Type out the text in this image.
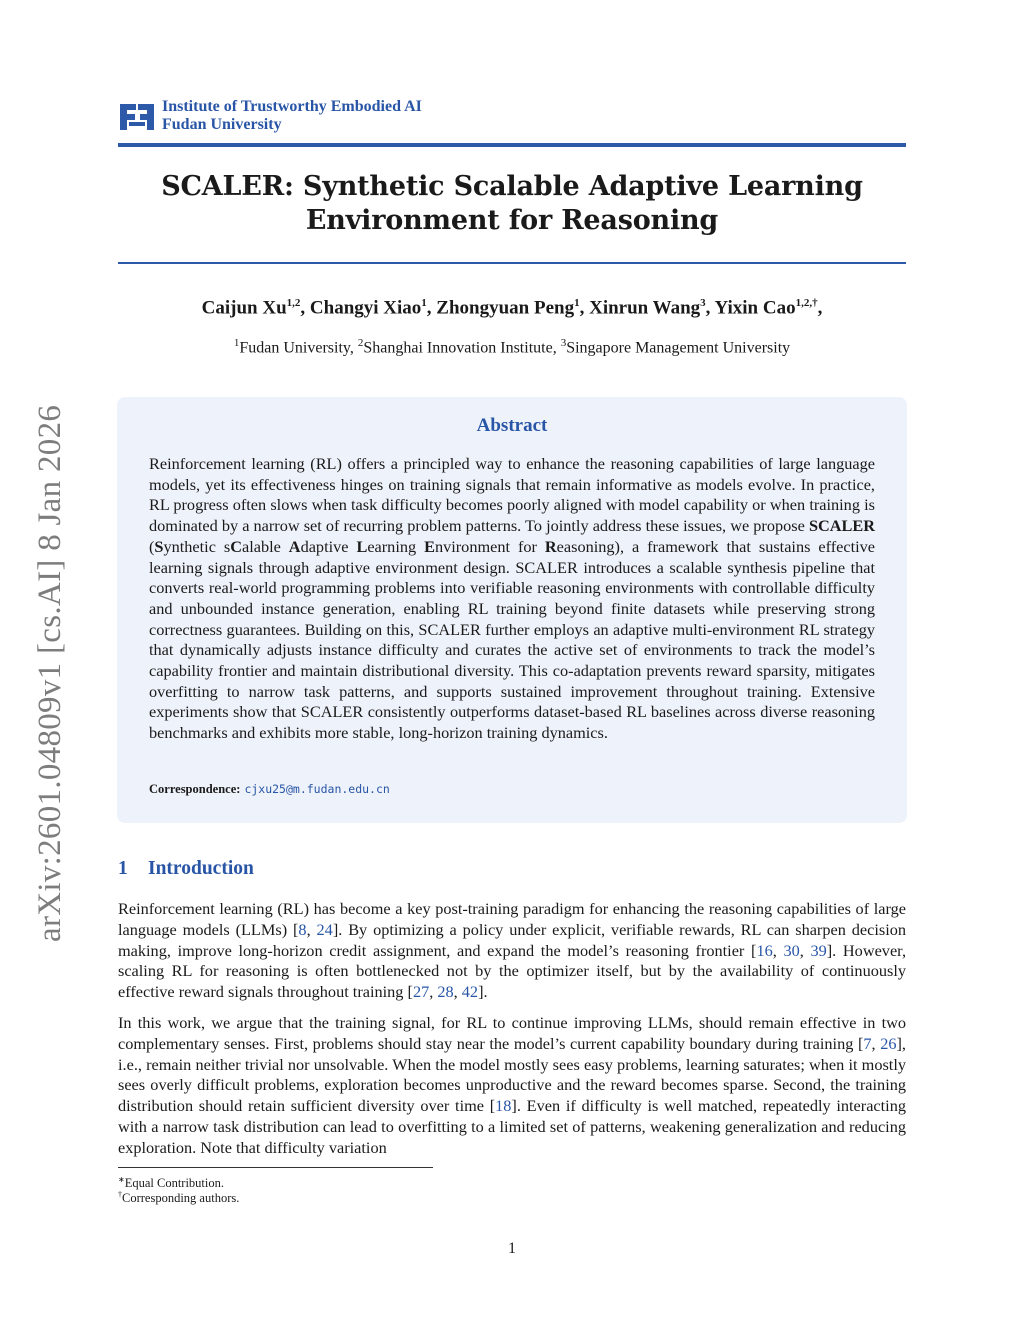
arXiv:2601.04809v1 [cs.AI] 8 Jan 2026
Institute of Trustworthy Embodied AI
Fudan University
SCALER: Synthetic Scalable Adaptive Learning
Environment for Reasoning
Caijun Xu$^{1,2}$, Changyi Xiao$^1$, Zhongyuan Peng$^1$, Xinrun Wang$^3$, Yixin Cao$^{1,2,\dagger}$,
$^1$Fudan University, $^2$Shanghai Innovation Institute, $^3$Singapore Management University
Abstract
Reinforcement learning (RL) offers a principled way to enhance the reasoning capabilities of large language models, yet its effectiveness hinges on training signals that remain informative as models evolve. In practice, RL progress often slows when task difficulty becomes poorly aligned with model capability or when training is dominated by a narrow set of recurring problem patterns. To jointly address these issues, we propose SCALER (Synthetic sCalable Adaptive Learning Environment for Reasoning), a framework that sustains effective learning signals through adaptive environment design. SCALER introduces a scalable synthesis pipeline that converts real-world programming problems into verifiable reasoning environments with controllable difficulty and unbounded instance generation, enabling RL training beyond finite datasets while preserving strong correctness guarantees. Building on this, SCALER further employs an adaptive multi-environment RL strategy that dynamically adjusts instance difficulty and curates the active set of environments to track the model’s capability frontier and maintain distributional diversity. This co-adaptation prevents reward sparsity, mitigates overfitting to narrow task patterns, and supports sustained improvement throughout training. Extensive experiments show that SCALER consistently outperforms dataset-based RL baselines across diverse reasoning benchmarks and exhibits more stable, long-horizon training dynamics.
Correspondence: cjxu25@m.fudan.edu.cn
1 Introduction
Reinforcement learning (RL) has become a key post-training paradigm for enhancing the reasoning capabilities of large language models (LLMs) [8, 24]. By optimizing a policy under explicit, verifiable rewards, RL can sharpen decision making, improve long-horizon credit assignment, and expand the model’s reasoning frontier [16, 30, 39]. However, scaling RL for reasoning is often bottlenecked not by the optimizer itself, but by the availability of continuously effective reward signals throughout training [27, 28, 42].
In this work, we argue that the training signal, for RL to continue improving LLMs, should remain effective in two complementary senses. First, problems should stay near the model’s current capability boundary during training [7, 26], i.e., remain neither trivial nor unsolvable. When the model mostly sees easy problems, learning saturates; when it mostly sees overly difficult problems, exploration becomes unproductive and the reward becomes sparse. Second, the training distribution should retain sufficient diversity over time [18]. Even if difficulty is well matched, repeatedly interacting with a narrow task distribution can lead to overfitting to a limited set of patterns, weakening generalization and reducing exploration. Note that difficulty variation
∗Equal Contribution.
†Corresponding authors.
1
